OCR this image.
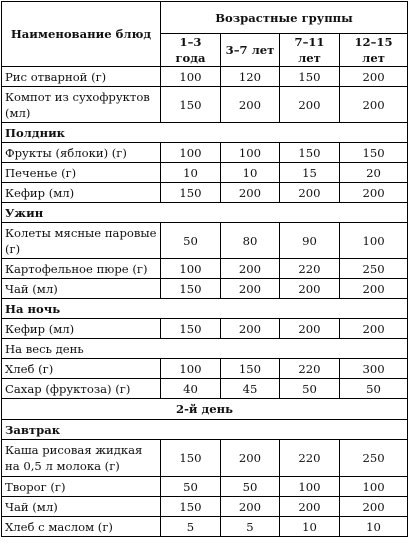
Наименование блюд	Возрастные группы			
	1–3 года	3–7 лет	7–11 лет	12–15 лет
Рис отварной (г)	100	120	150	200
Компот из сухофруктов (мл)	150	200	200	200
Полдник				
Фрукты (яблоки) (г)	100	100	150	150
Печенье (г)	10	10	15	20
Кефир (мл)	150	200	200	200
Ужин				
Колеты мясные паровые (г)	50	80	90	100
Картофельное пюре (г)	100	200	220	250
Чай (мл)	150	200	200	200
На ночь				
Кефир (мл)	150	200	200	200
На весь день				
Хлеб (г)	100	150	220	300
Сахар (фруктоза) (г)	40	45	50	50
2-й день				
Завтрак				
Каша рисовая жидкая на 0,5 л молока (г)	150	200	220	250
Творог (г)	50	50	100	100
Чай (мл)	150	200	200	200
Хлеб с маслом (г)	5	5	10	10
